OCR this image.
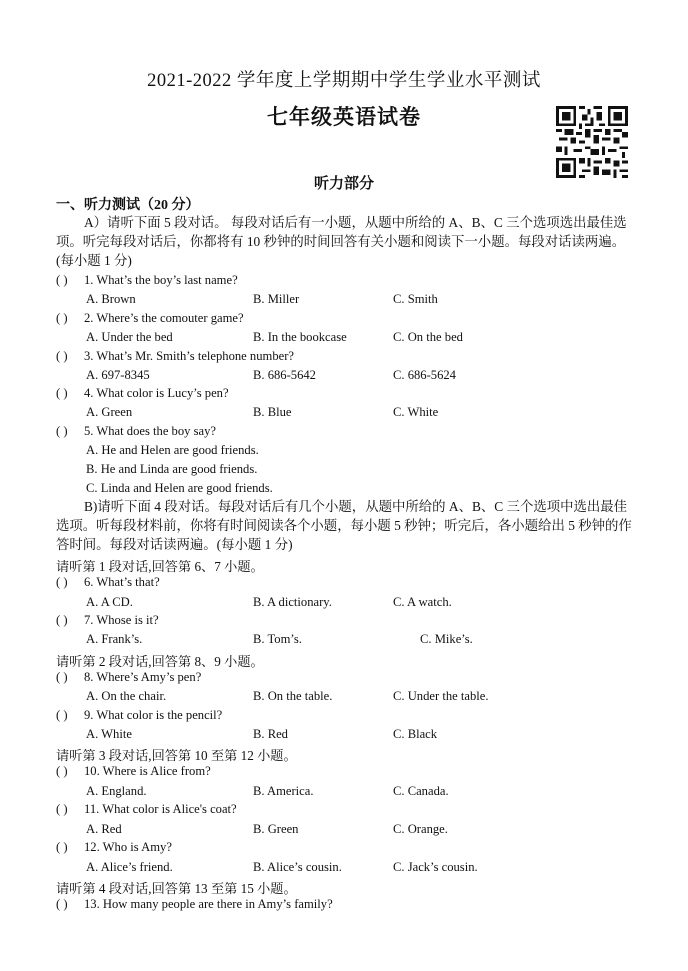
2021-2022 学年度上学期期中学生学业水平测试
七年级英语试卷
听力部分
一、听力测试（20 分）
A）请听下面 5 段对话。 每段对话后有一小题，从题中所给的 A、B、C 三个选项选出最佳选项。听完每段对话后，你都将有 10 秒钟的时间回答有关小题和阅读下一小题。每段对话读两遍。(每小题 1 分)
( ) 1. What’s the boy’s last name?
A. Brown	B. Miller	C. Smith
( ) 2. Where’s the comouter game?
A. Under the bed	B. In the bookcase	C. On the bed
( ) 3. What’s Mr. Smith’s telephone number?
A. 697-8345	B. 686-5642	C. 686-5624
( ) 4. What color is Lucy’s pen?
A. Green	B. Blue	C. White
( ) 5. What does the boy say?
A. He and Helen are good friends.
B. He and Linda are good friends.
C. Linda and Helen are good friends.
请听第 1 段对话,回答第 6、7 小题。
( ) 6. What’s that?
A. A CD.	B. A dictionary.	C. A watch.
( ) 7. Whose is it?
A. Frank’s.	B. Tom’s.	C. Mike’s.
请听第 2 段对话,回答第 8、9 小题。
( ) 8. Where’s Amy’s pen?
A. On the chair.	B. On the table.	C. Under the table.
( ) 9. What color is the pencil?
A. White	B. Red	C. Black
请听第 3 段对话,回答第 10 至第 12 小题。
( ) 10. Where is Alice from?
A. England.	B. America.	C. Canada.
( ) 11. What color is Alice's coat?
A. Red	B. Green	C. Orange.
( ) 12. Who is Amy?
A. Alice’s friend.	B. Alice’s cousin.	C. Jack’s cousin.
请听第 4 段对话,回答第 13 至第 15 小题。
( ) 13. How many people are there in Amy’s family?
B)请听下面 4 段对话。每段对话后有几个小题，从题中所给的 A、B、C 三个选项中选出最佳选项。听每段材料前，你将有时间阅读各个小题，每小题 5 秒钟；听完后，各小题给出 5 秒钟的作答时间。每段对话读两遍。(每小题 1 分)
